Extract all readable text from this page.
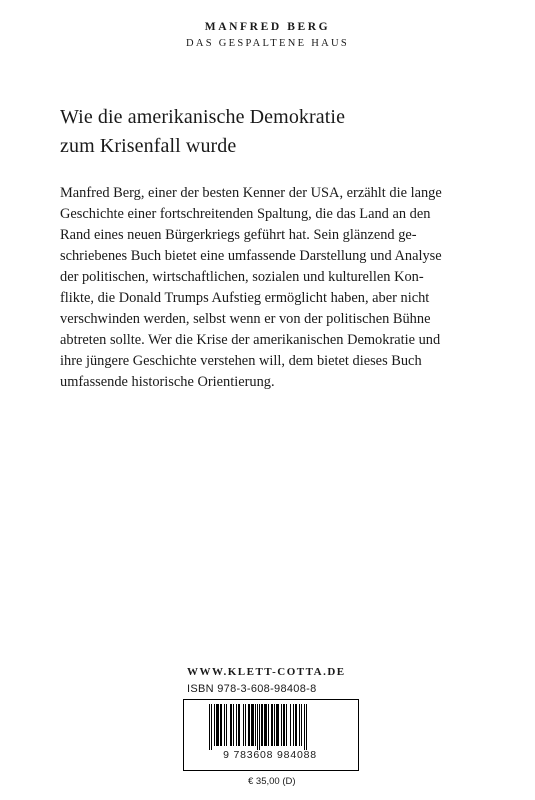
MANFRED BERG
DAS GESPALTENE HAUS
Wie die amerikanische Demokratie
zum Krisenfall wurde
Manfred Berg, einer der besten Kenner der USA, erzählt die lange
Geschichte einer fortschreitenden Spaltung, die das Land an den
Rand eines neuen Bürgerkriegs geführt hat. Sein glänzend ge-
schriebenes Buch bietet eine umfassende Darstellung und Analyse
der politischen, wirtschaftlichen, sozialen und kulturellen Kon-
flikte, die Donald Trumps Aufstieg ermöglicht haben, aber nicht
verschwinden werden, selbst wenn er von der politischen Bühne
abtreten sollte. Wer die Krise der amerikanischen Demokratie und
ihre jüngere Geschichte verstehen will, dem bietet dieses Buch
umfassende historische Orientierung.
WWW.KLETT-COTTA.DE
ISBN 978-3-608-98408-8
9 783608 984088
€ 35,00 (D)
